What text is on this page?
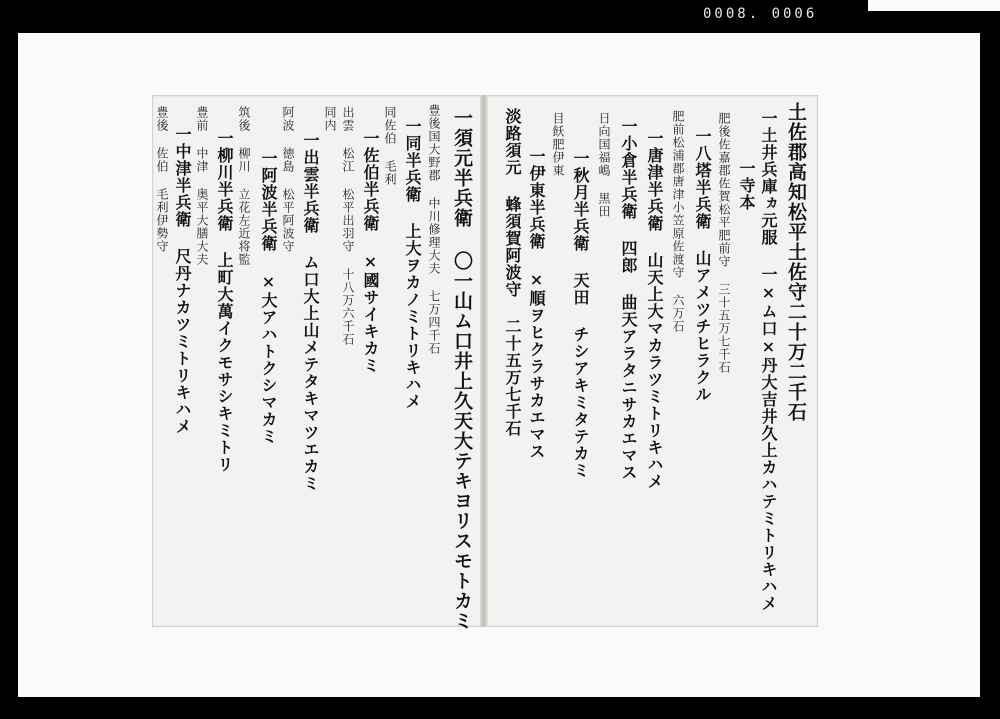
0008. 0006
土佐郡高知松平土佐守二十万二千石
一土井兵庫ヵ元服 一×ム口×丹大吉井久上カハテミトリキハメ
一寺本
肥後佐嘉郡佐賀松平肥前守 三十五万七千石
一八塔半兵衛 山アメツチヒラクル
肥前松浦郡唐津小笠原佐渡守 六万石
一唐津半兵衛 山天上大マカラツミトリキハメ
一小倉半兵衛 四郎 曲天アラタニサカエマス
日向国福嶋 黒田
一秋月半兵衛 天田 チシアキミタテカミ
目飫肥伊東
一伊東半兵衛 ×順ヲヒクラサカエマス
淡路須元 蜂須賀阿波守 二十五万七千石
一須元半兵衛 〇一山ム口井上久天大テキヨリスモトカミ
豊後国大野郡 中川修理大夫 七万四千石
一同半兵衛 上大ヲカノミトリキハメ
同佐伯 毛利
一佐伯半兵衛 ×國サイキカミ
出雲 松江 松平出羽守 十八万六千石
同内
一出雲半兵衛 ム口大上山メテタキマツエカミ
阿波 徳島 松平阿波守
一阿波半兵衛 ×大アハトクシマカミ
筑後 柳川 立花左近将監
一柳川半兵衛 上町大萬イクモサシキミトリ
豊前 中津 奥平大膳大夫
一中津半兵衛 尺丹ナカツミトリキハメ
豊後 佐伯 毛利伊勢守
